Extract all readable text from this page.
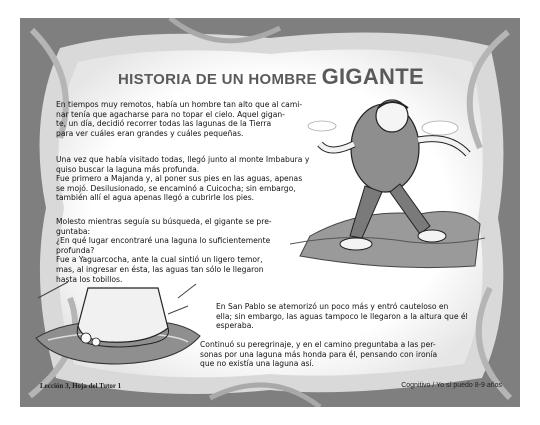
HISTORIA DE UN HOMBRE GIGANTE

En tiempos muy remotos, había un hombre tan alto que al cami-
nar tenía que agacharse para no topar el cielo. Aquel gigan-
te, un día, decidió recorrer todas las lagunas de la Tierra
para ver cuáles eran grandes y cuáles pequeñas.

Una vez que había visitado todas, llegó junto al monte Imbabura y
quiso buscar la laguna más profunda.
Fue primero a Majanda y, al poner sus pies en las aguas, apenas
se mojó. Desilusionado, se encaminó a Cuicocha; sin embargo,
también allí el agua apenas llegó a cubrirle los pies.

Molesto mientras seguía su búsqueda, el gigante se pre-
guntaba:
¿En qué lugar encontraré una laguna lo suficientemente
profunda?
Fue a Yaguarcocha, ante la cual sintió un ligero temor,
mas, al ingresar en ésta, las aguas tan sólo le llegaron
hasta los tobillos.

En San Pablo se atemorizó un poco más y entró cauteloso en
ella; sin embargo, las aguas tampoco le llegaron a la altura que él
esperaba.

Continuó su peregrinaje, y en el camino preguntaba a las per-
sonas por una laguna más honda para él, pensando con ironía
que no existía una laguna así.

Lección 3, Hoja del Tutor 1	Cognitivo / Yo sí puedo 8-9 años
